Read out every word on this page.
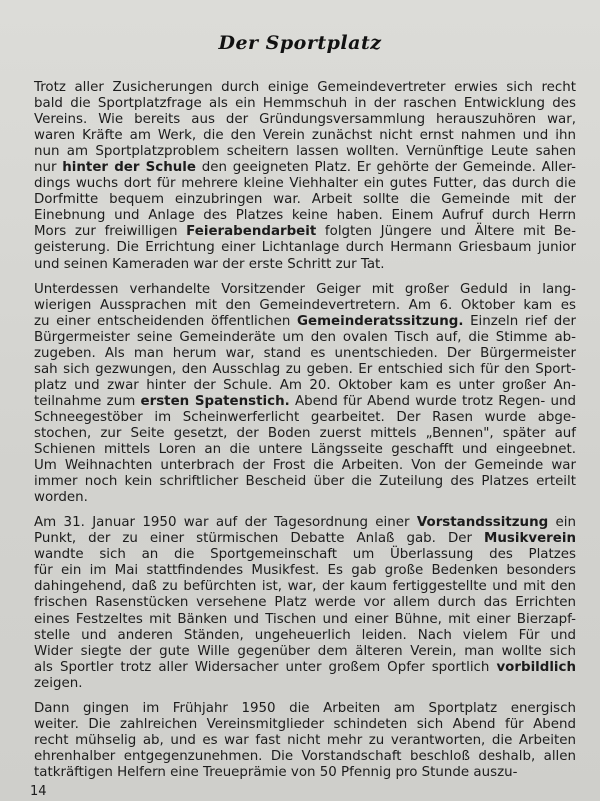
Der Sportplatz
Trotz aller Zusicherungen durch einige Gemeindevertreter erwies sich recht
bald die Sportplatzfrage als ein Hemmschuh in der raschen Entwicklung des
Vereins. Wie bereits aus der Gründungsversammlung herauszuhören war,
waren Kräfte am Werk, die den Verein zunächst nicht ernst nahmen und ihn
nun am Sportplatzproblem scheitern lassen wollten. Vernünftige Leute sahen
nur hinter der Schule den geeigneten Platz. Er gehörte der Gemeinde. Aller-
dings wuchs dort für mehrere kleine Viehhalter ein gutes Futter, das durch die
Dorfmitte bequem einzubringen war. Arbeit sollte die Gemeinde mit der
Einebnung und Anlage des Platzes keine haben. Einem Aufruf durch Herrn
Mors zur freiwilligen Feierabendarbeit folgten Jüngere und Ältere mit Be-
geisterung. Die Errichtung einer Lichtanlage durch Hermann Griesbaum junior
und seinen Kameraden war der erste Schritt zur Tat.
Unterdessen verhandelte Vorsitzender Geiger mit großer Geduld in lang-
wierigen Aussprachen mit den Gemeindevertretern. Am 6. Oktober kam es
zu einer entscheidenden öffentlichen Gemeinderatssitzung. Einzeln rief der
Bürgermeister seine Gemeinderäte um den ovalen Tisch auf, die Stimme ab-
zugeben. Als man herum war, stand es unentschieden. Der Bürgermeister
sah sich gezwungen, den Ausschlag zu geben. Er entschied sich für den Sport-
platz und zwar hinter der Schule. Am 20. Oktober kam es unter großer An-
teilnahme zum ersten Spatenstich. Abend für Abend wurde trotz Regen- und
Schneegestöber im Scheinwerferlicht gearbeitet. Der Rasen wurde abge-
stochen, zur Seite gesetzt, der Boden zuerst mittels „Bennen", später auf
Schienen mittels Loren an die untere Längsseite geschafft und eingeebnet.
Um Weihnachten unterbrach der Frost die Arbeiten. Von der Gemeinde war
immer noch kein schriftlicher Bescheid über die Zuteilung des Platzes erteilt
worden.
Am 31. Januar 1950 war auf der Tagesordnung einer Vorstandssitzung ein
Punkt, der zu einer stürmischen Debatte Anlaß gab. Der Musikverein
wandte sich an die Sportgemeinschaft um Überlassung des Platzes
für ein im Mai stattfindendes Musikfest. Es gab große Bedenken besonders
dahingehend, daß zu befürchten ist, war, der kaum fertiggestellte und mit den
frischen Rasenstücken versehene Platz werde vor allem durch das Errichten
eines Festzeltes mit Bänken und Tischen und einer Bühne, mit einer Bierzapf-
stelle und anderen Ständen, ungeheuerlich leiden. Nach vielem Für und
Wider siegte der gute Wille gegenüber dem älteren Verein, man wollte sich
als Sportler trotz aller Widersacher unter großem Opfer sportlich vorbildlich
zeigen.
Dann gingen im Frühjahr 1950 die Arbeiten am Sportplatz energisch
weiter. Die zahlreichen Vereinsmitglieder schindeten sich Abend für Abend
recht mühselig ab, und es war fast nicht mehr zu verantworten, die Arbeiten
ehrenhalber entgegenzunehmen. Die Vorstandschaft beschloß deshalb, allen
tatkräftigen Helfern eine Treueprämie von 50 Pfennig pro Stunde auszu-
14
